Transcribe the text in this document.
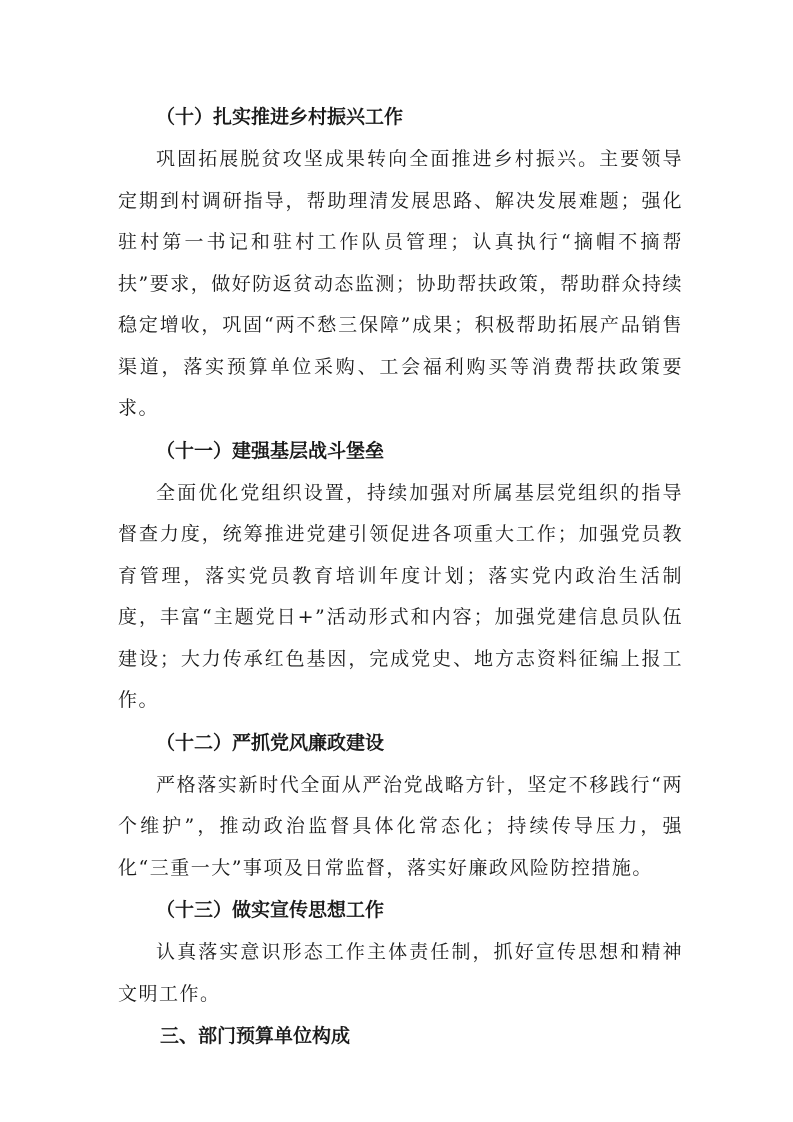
（十）扎实推进乡村振兴工作

巩固拓展脱贫攻坚成果转向全面推进乡村振兴。主要领导定期到村调研指导，帮助理清发展思路、解决发展难题；强化驻村第一书记和驻村工作队员管理；认真执行“摘帽不摘帮扶”要求，做好防返贫动态监测；协助帮扶政策，帮助群众持续稳定增收，巩固“两不愁三保障”成果；积极帮助拓展产品销售渠道，落实预算单位采购、工会福利购买等消费帮扶政策要求。

（十一）建强基层战斗堡垒

全面优化党组织设置，持续加强对所属基层党组织的指导督查力度，统筹推进党建引领促进各项重大工作；加强党员教育管理，落实党员教育培训年度计划；落实党内政治生活制度，丰富“主题党日+”活动形式和内容；加强党建信息员队伍建设；大力传承红色基因，完成党史、地方志资料征编上报工作。

（十二）严抓党风廉政建设

严格落实新时代全面从严治党战略方针，坚定不移践行“两个维护”，推动政治监督具体化常态化；持续传导压力，强化“三重一大”事项及日常监督，落实好廉政风险防控措施。

（十三）做实宣传思想工作

认真落实意识形态工作主体责任制，抓好宣传思想和精神文明工作。

三、部门预算单位构成
